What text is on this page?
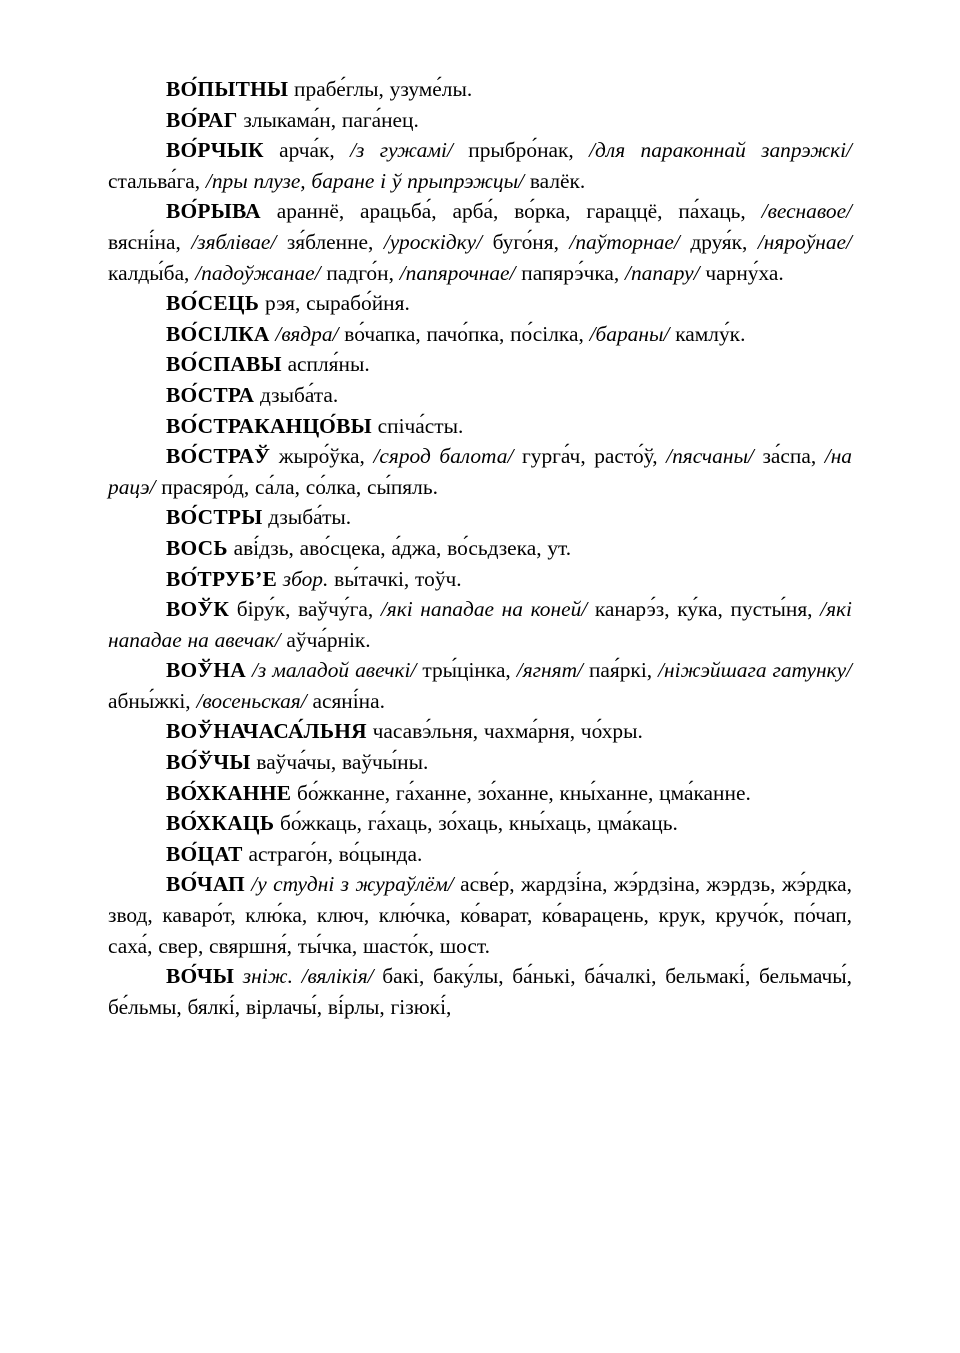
ВО́ПЫТНЫ прабе́глы, узуме́лы.

ВО́РАГ злыкама́н, пага́нец.

ВО́РЧЫК арча́к, /з гужамі/ прыбро́нак, /для параконнай запрэжкі/ стальва́га, /пры плузе, баране і ў прыпрэжцы/ валёк.

ВО́РЫВА араннё, арацьба́, арба́, во́рка, гараццё, па́хаць, /веснавое/ вясні́на, /зяблівае/ зя́бленне, /уроскідку/ буго́ня, /паўторнае/ друя́к, /няроўнае/ калды́ба, /падоўжанае/ падго́н, /папярочнае/ папярэ́чка, /папару/ чарну́ха.

ВО́СЕЦЬ рэя, сырабо́йня.

ВО́СІЛКА /вядра/ во́чапка, пачо́пка, по́сілка, /бараны/ камлу́к.

ВО́СПАВЫ аспля́ны.

ВО́СТРА дзыба́та.

ВО́СТРАКАНЦО́ВЫ спіча́сты.

ВО́СТРАЎ жыро́ўка, /сярод балота/ гурга́ч, расто́ў, /пясчаны/ за́спа, /на рацэ/ прасяро́д, са́ла, со́лка, сы́пяль.

ВО́СТРЫ дзыба́ты.

ВОСЬ аві́дзь, аво́сцека, а́джа, во́сьдзека, ут.

ВО́ТРУБ’Е збор. вы́тачкі, тоўч.

ВОЎК біру́к, ваўчу́га, /які нападае на коней/ канарэ́з, ку́ка, пусты́ня, /які нападае на авечак/ аўча́рнік.

ВОЎНА /з маладой авечкі/ тры́цінка, /ягнят/ пая́ркі, /ніжэйшага гатунку/ абны́жкі, /восеньская/ асяні́на.

ВОЎНАЧАСА́ЛЬНЯ часавэ́льня, чахма́рня, чо́хры.

ВО́ЎЧЫ ваўча́чы, ваўчы́ны.

ВО́ХКАННЕ бо́жканне, га́ханне, зо́ханне, кны́ханне, цма́канне.

ВО́ХКАЦЬ бо́жкаць, га́хаць, зо́хаць, кны́хаць, цма́каць.

ВО́ЦАТ астраго́н, во́цында.

ВО́ЧАП /у студні з жураўлём/ асве́р, жардзі́на, жэ́рдзіна, жэрдзь, жэ́рдка, звод, кавaро́т, клю́ка, ключ, клю́чка, ко́варат, ко́варацень, крук, кручо́к, по́чап, саха́, свер, свяршня́, ты́чка, шасто́к, шост.

ВО́ЧЫ зніж. /вялікія/ бакі, баку́лы, ба́нькі, ба́чалкі, бельмакі́, бельмачы́, бе́льмы, бялкі́, вірлачы́, ві́рлы, гізюкі́,
